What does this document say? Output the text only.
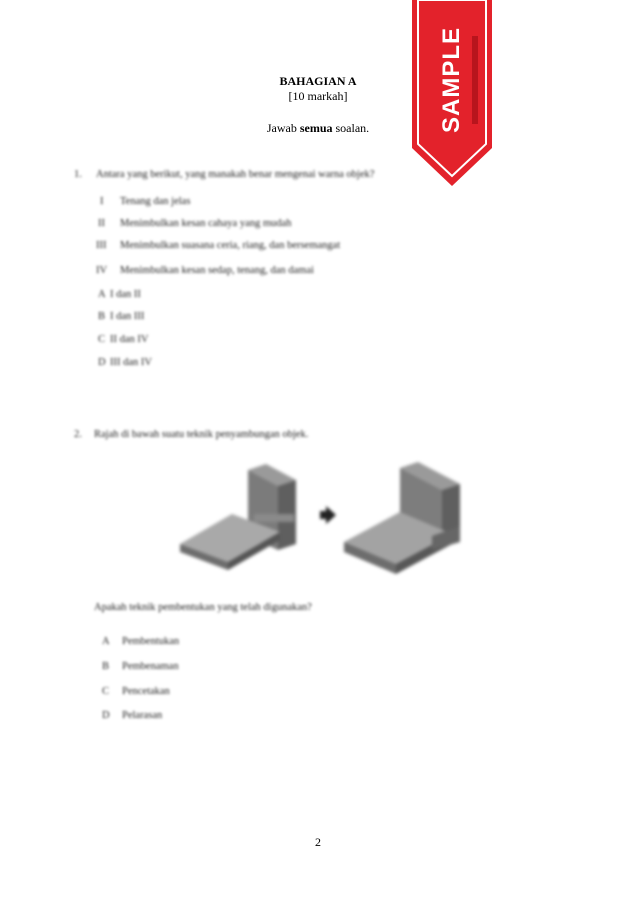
BAHAGIAN A
[10 markah]
Jawab semua soalan.
1. Antara yang berikut, yang manakah benar mengenai warna objek?
I Tenang dan jelas
II Menimbulkan kesan cahaya yang mudah
III Menimbulkan suasana ceria, riang, dan bersemangat
IV Menimbulkan kesan sedap, tenang, dan damai
A I dan II
B I dan III
C II dan IV
D III dan IV
2. Rajah di bawah suatu teknik penyambungan objek.
Apakah teknik pembentukan yang telah digunakan?
A Pembentukan
B Pembenaman
C Pencetakan
D Pelarasan
2
SAMPLE
